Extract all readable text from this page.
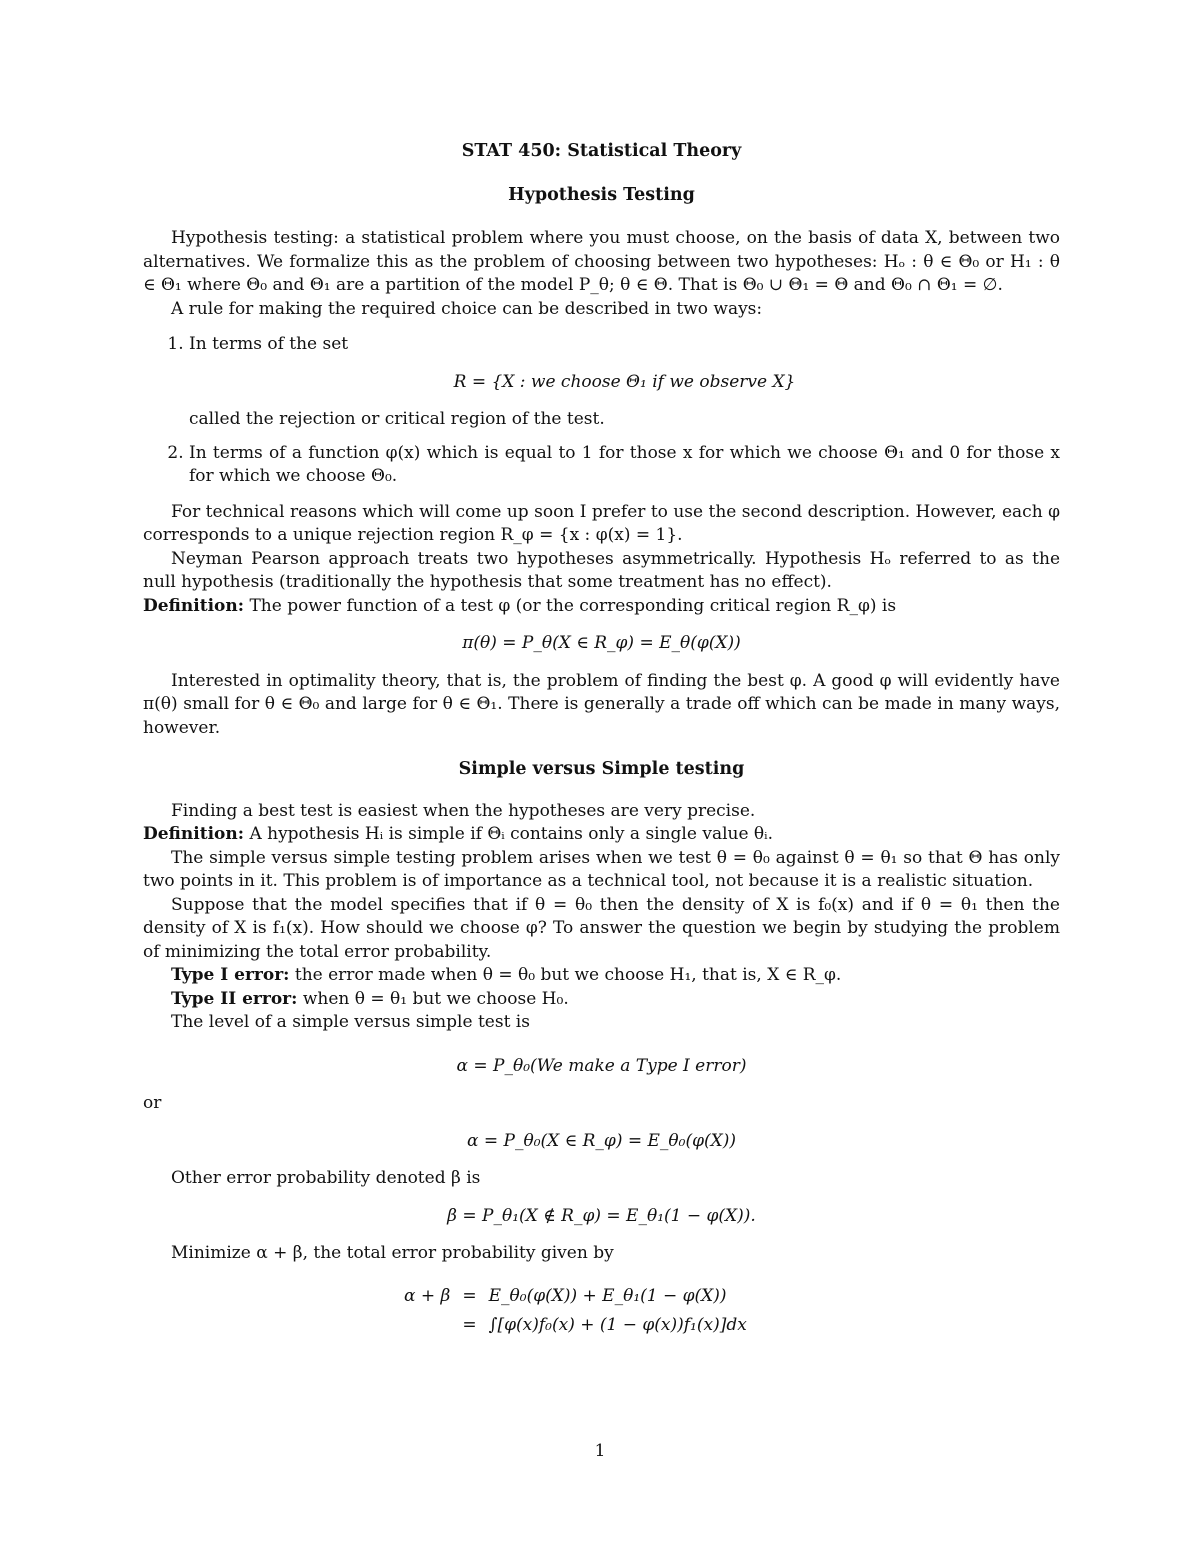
STAT 450: Statistical Theory

Hypothesis Testing

Hypothesis testing: a statistical problem where you must choose, on the basis of data X, between two alternatives. We formalize this as the problem of choosing between two hypotheses: Hₒ : θ ∈ Θ₀ or H₁ : θ ∈ Θ₁ where Θ₀ and Θ₁ are a partition of the model P_θ; θ ∈ Θ. That is Θ₀ ∪ Θ₁ = Θ and Θ₀ ∩ Θ₁ = ∅.

A rule for making the required choice can be described in two ways:

1. In terms of the set
R = {X : we choose Θ₁ if we observe X}
called the rejection or critical region of the test.
2. In terms of a function φ(x) which is equal to 1 for those x for which we choose Θ₁ and 0 for those x for which we choose Θ₀.

For technical reasons which will come up soon I prefer to use the second description. However, each φ corresponds to a unique rejection region R_φ = {x : φ(x) = 1}.

Neyman Pearson approach treats two hypotheses asymmetrically. Hypothesis Hₒ referred to as the null hypothesis (traditionally the hypothesis that some treatment has no effect).

Definition: The power function of a test φ (or the corresponding critical region R_φ) is

π(θ) = P_θ(X ∈ R_φ) = E_θ(φ(X))

Interested in optimality theory, that is, the problem of finding the best φ. A good φ will evidently have π(θ) small for θ ∈ Θ₀ and large for θ ∈ Θ₁. There is generally a trade off which can be made in many ways, however.

Simple versus Simple testing

Finding a best test is easiest when the hypotheses are very precise.

Definition: A hypothesis Hᵢ is simple if Θᵢ contains only a single value θᵢ.

The simple versus simple testing problem arises when we test θ = θ₀ against θ = θ₁ so that Θ has only two points in it. This problem is of importance as a technical tool, not because it is a realistic situation.

Suppose that the model specifies that if θ = θ₀ then the density of X is f₀(x) and if θ = θ₁ then the density of X is f₁(x). How should we choose φ? To answer the question we begin by studying the problem of minimizing the total error probability.

Type I error: the error made when θ = θ₀ but we choose H₁, that is, X ∈ R_φ.

Type II error: when θ = θ₁ but we choose H₀.

The level of a simple versus simple test is

α = P_θ₀(We make a Type I error)

or

α = P_θ₀(X ∈ R_φ) = E_θ₀(φ(X))

Other error probability denoted β is

β = P_θ₁(X ∉ R_φ) = E_θ₁(1 − φ(X)).

Minimize α + β, the total error probability given by

α + β	=	E_θ₀(φ(X)) + E_θ₁(1 − φ(X))
	=	∫[φ(x)f₀(x) + (1 − φ(x))f₁(x)]dx
1
